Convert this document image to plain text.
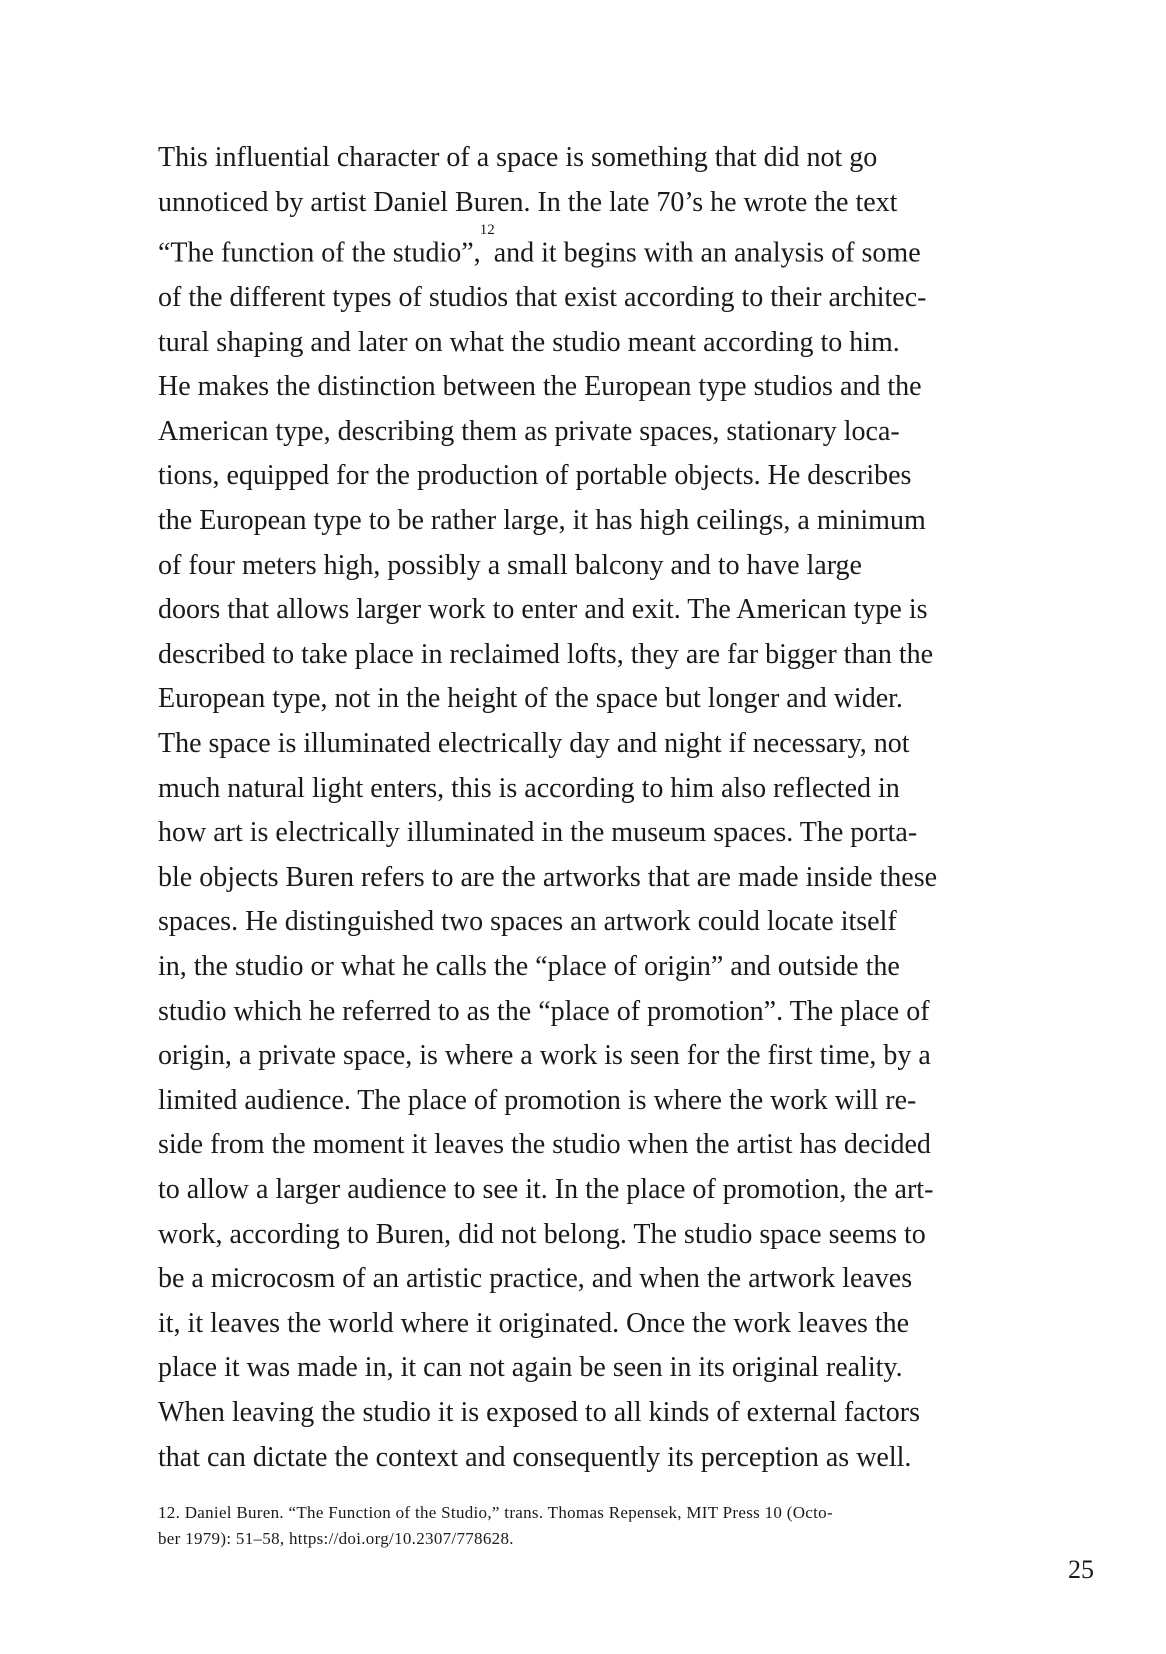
This influential character of a space is something that did not go
unnoticed by artist Daniel Buren. In the late 70’s he wrote the text
“The function of the studio”,$^{12}$and it begins with an analysis of some
of the different types of studios that exist according to their architec-
tural shaping and later on what the studio meant according to him.
He makes the distinction between the European type studios and the
American type, describing them as private spaces, stationary loca-
tions, equipped for the production of portable objects. He describes
the European type to be rather large, it has high ceilings, a minimum
of four meters high, possibly a small balcony and to have large
doors that allows larger work to enter and exit. The American type is
described to take place in reclaimed lofts, they are far bigger than the
European type, not in the height of the space but longer and wider.
The space is illuminated electrically day and night if necessary, not
much natural light enters, this is according to him also reflected in
how art is electrically illuminated in the museum spaces. The porta-
ble objects Buren refers to are the artworks that are made inside these
spaces. He distinguished two spaces an artwork could locate itself
in, the studio or what he calls the “place of origin” and outside the
studio which he referred to as the “place of promotion”. The place of
origin, a private space, is where a work is seen for the first time, by a
limited audience. The place of promotion is where the work will re-
side from the moment it leaves the studio when the artist has decided
to allow a larger audience to see it. In the place of promotion, the art-
work, according to Buren, did not belong. The studio space seems to
be a microcosm of an artistic practice, and when the artwork leaves
it, it leaves the world where it originated. Once the work leaves the
place it was made in, it can not again be seen in its original reality.
When leaving the studio it is exposed to all kinds of external factors
that can dictate the context and consequently its perception as well.

12. Daniel Buren. “The Function of the Studio,” trans. Thomas Repensek, MIT Press 10 (Octo-
ber 1979): 51–58, https://doi.org/10.2307/778628.

25
